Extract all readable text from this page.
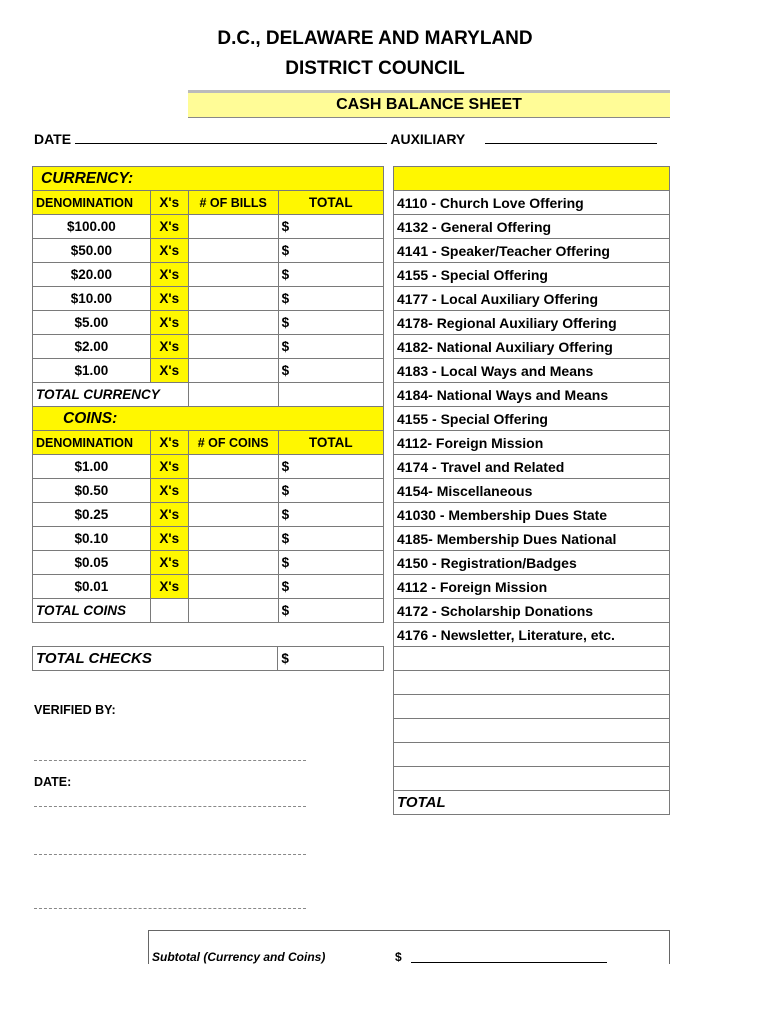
D.C., DELAWARE AND MARYLAND
DISTRICT COUNCIL
CASH BALANCE SHEET
DATE	AUXILIARY
CURRENCY:			
DENOMINATION	X's	# OF BILLS	TOTAL
$100.00	X's		$
$50.00	X's		$
$20.00	X's		$
$10.00	X's		$
$5.00	X's		$
$2.00	X's		$
$1.00	X's		$
TOTAL CURRENCY			
COINS:			
DENOMINATION	X's	# OF COINS	TOTAL
$1.00	X's		$
$0.50	X's		$
$0.25	X's		$
$0.10	X's		$
$0.05	X's		$
$0.01	X's		$
TOTAL COINS			$
TOTAL CHECKS	$

4110 - Church Love Offering
4132 - General Offering
4141 - Speaker/Teacher Offering
4155 - Special Offering
4177 - Local Auxiliary Offering
4178- Regional Auxiliary Offering
4182- National Auxiliary Offering
4183 - Local Ways and Means
4184- National Ways and Means
4155 - Special Offering
4112- Foreign Mission
4174 - Travel and Related
4154- Miscellaneous
41030 - Membership Dues State
4185- Membership Dues National
4150 - Registration/Badges
4112 - Foreign Mission
4172 - Scholarship Donations
4176 - Newsletter, Literature, etc.

TOTAL
VERIFIED BY:
DATE:
Subtotal (Currency and Coins)	$
